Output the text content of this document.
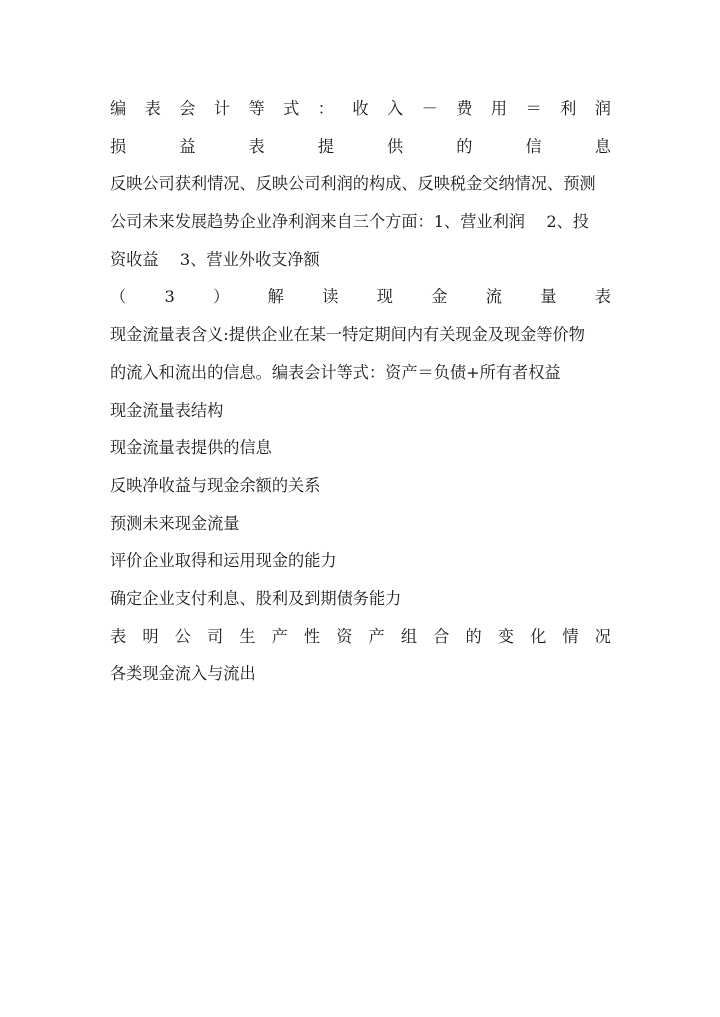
编 表 会 计 等 式 ： 收 入 － 费 用 ＝ 利 润
损	益	表	提	供	的	信	息
反映公司获利情况、反映公司利润的构成、反映税金交纳情况、预测
公司未来发展趋势企业净利润来自三个方面：1、营业利润　 2、投
资收益　 3、营业外收支净额
（ 3 ） 解 读 现 金 流 量 表
现金流量表含义:提供企业在某一特定期间内有关现金及现金等价物
的流入和流出的信息。编表会计等式：资产＝负债+所有者权益
现金流量表结构
现金流量表提供的信息
反映净收益与现金余额的关系
预测未来现金流量
评价企业取得和运用现金的能力
确定企业支付利息、股利及到期债务能力
表 明 公 司 生 产 性 资 产 组 合 的 变 化 情 况
各类现金流入与流出
